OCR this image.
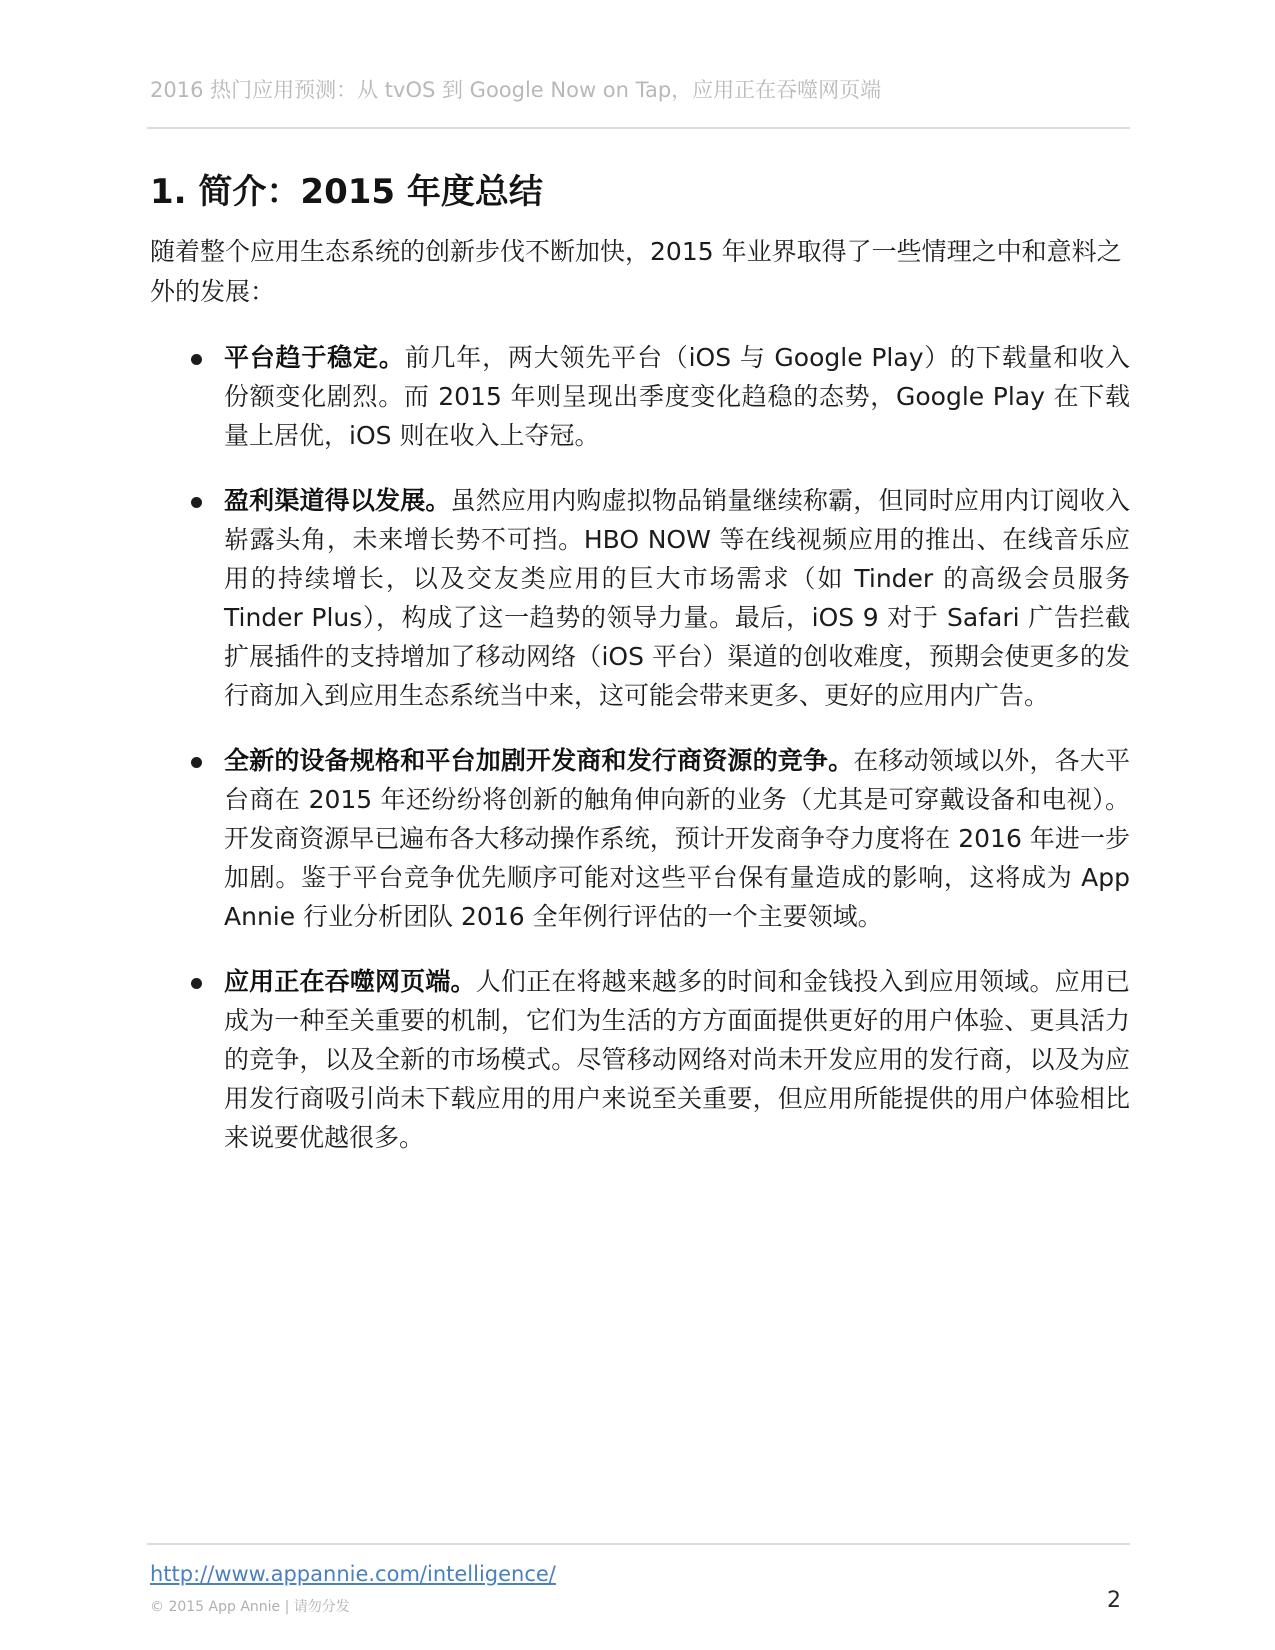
2016 热门应用预测：从 tvOS 到 Google Now on Tap，应用正在吞噬网页端
1. 简介：2015 年度总结

随着整个应用生态系统的创新步伐不断加快，2015 年业界取得了一些情理之中和意料之外的发展：

平台趋于稳定。前几年，两大领先平台（iOS 与 Google Play）的下载量和收入份额变化剧烈。而 2015 年则呈现出季度变化趋稳的态势，Google Play 在下载量上居优，iOS 则在收入上夺冠。
盈利渠道得以发展。虽然应用内购虚拟物品销量继续称霸，但同时应用内订阅收入崭露头角，未来增长势不可挡。HBO NOW 等在线视频应用的推出、在线音乐应用的持续增长，以及交友类应用的巨大市场需求（如 Tinder 的高级会员服务 Tinder Plus），构成了这一趋势的领导力量。最后，iOS 9 对于 Safari 广告拦截扩展插件的支持增加了移动网络（iOS 平台）渠道的创收难度，预期会使更多的发行商加入到应用生态系统当中来，这可能会带来更多、更好的应用内广告。
全新的设备规格和平台加剧开发商和发行商资源的竞争。在移动领域以外，各大平台商在 2015 年还纷纷将创新的触角伸向新的业务（尤其是可穿戴设备和电视）。开发商资源早已遍布各大移动操作系统，预计开发商争夺力度将在 2016 年进一步加剧。鉴于平台竞争优先顺序可能对这些平台保有量造成的影响，这将成为 App Annie 行业分析团队 2016 全年例行评估的一个主要领域。
应用正在吞噬网页端。人们正在将越来越多的时间和金钱投入到应用领域。应用已成为一种至关重要的机制，它们为生活的方方面面提供更好的用户体验、更具活力的竞争，以及全新的市场模式。尽管移动网络对尚未开发应用的发行商，以及为应用发行商吸引尚未下载应用的用户来说至关重要，但应用所能提供的用户体验相比来说要优越很多。
http://www.appannie.com/intelligence/
© 2015 App Annie | 请勿分发	2
